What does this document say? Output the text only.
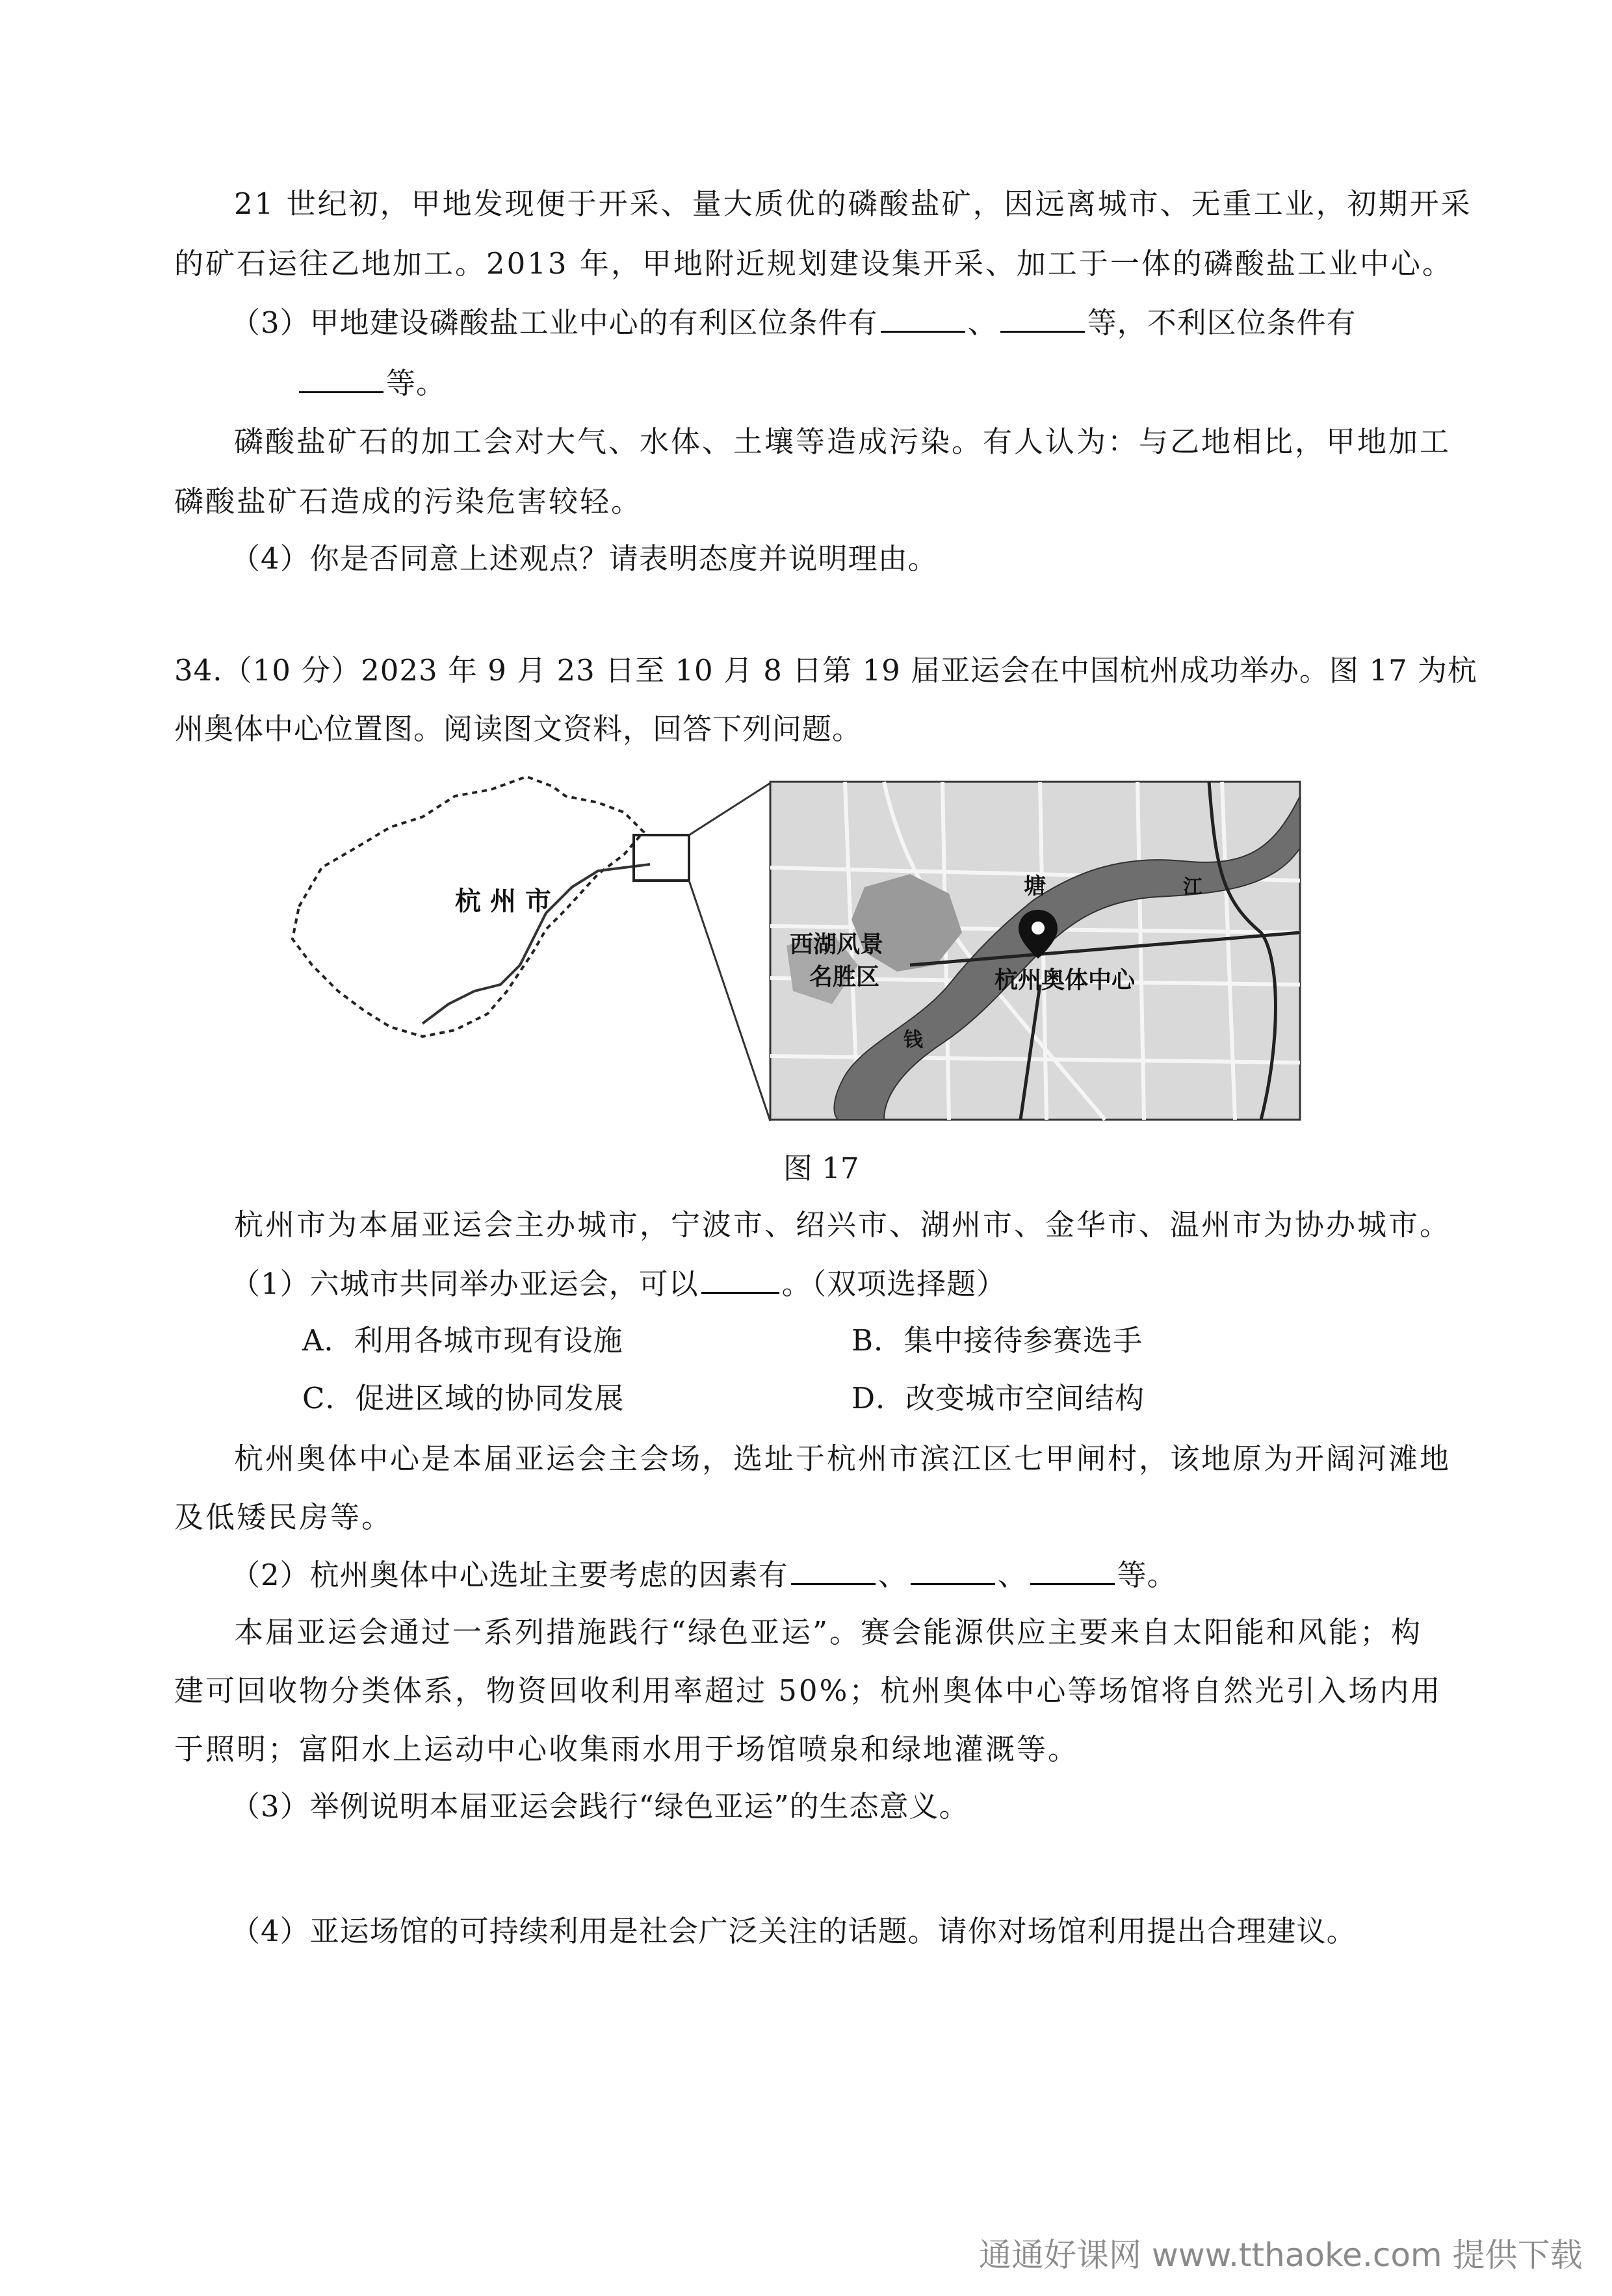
21 世纪初，甲地发现便于开采、量大质优的磷酸盐矿，因远离城市、无重工业，初期开采
的矿石运往乙地加工。2013 年，甲地附近规划建设集开采、加工于一体的磷酸盐工业中心。
（3）甲地建设磷酸盐工业中心的有利区位条件有	、	等，不利区位条件有
等。
磷酸盐矿石的加工会对大气、水体、土壤等造成污染。有人认为：与乙地相比，甲地加工
磷酸盐矿石造成的污染危害较轻。
（4）你是否同意上述观点？请表明态度并说明理由。
34.（10 分）2023 年 9 月 23 日至 10 月 8 日第 19 届亚运会在中国杭州成功举办。图 17 为杭
州奥体中心位置图。阅读图文资料，回答下列问题。
杭 州 市
西湖风景
名胜区	杭州奥体中心
塘	江
钱
图 17
杭州市为本届亚运会主办城市，宁波市、绍兴市、湖州市、金华市、温州市为协办城市。
（1）六城市共同举办亚运会，可以	。（双项选择题）
A．利用各城市现有设施	B．集中接待参赛选手
C．促进区域的协同发展	D．改变城市空间结构
杭州奥体中心是本届亚运会主会场，选址于杭州市滨江区七甲闸村，该地原为开阔河滩地
及低矮民房等。
（2）杭州奥体中心选址主要考虑的因素有	、	、	等。
本届亚运会通过一系列措施践行“绿色亚运”。赛会能源供应主要来自太阳能和风能；构
建可回收物分类体系，物资回收利用率超过 50%；杭州奥体中心等场馆将自然光引入场内用
于照明；富阳水上运动中心收集雨水用于场馆喷泉和绿地灌溉等。
（3）举例说明本届亚运会践行“绿色亚运”的生态意义。
（4）亚运场馆的可持续利用是社会广泛关注的话题。请你对场馆利用提出合理建议。
通通好课网 www.tthaoke.com 提供下载
